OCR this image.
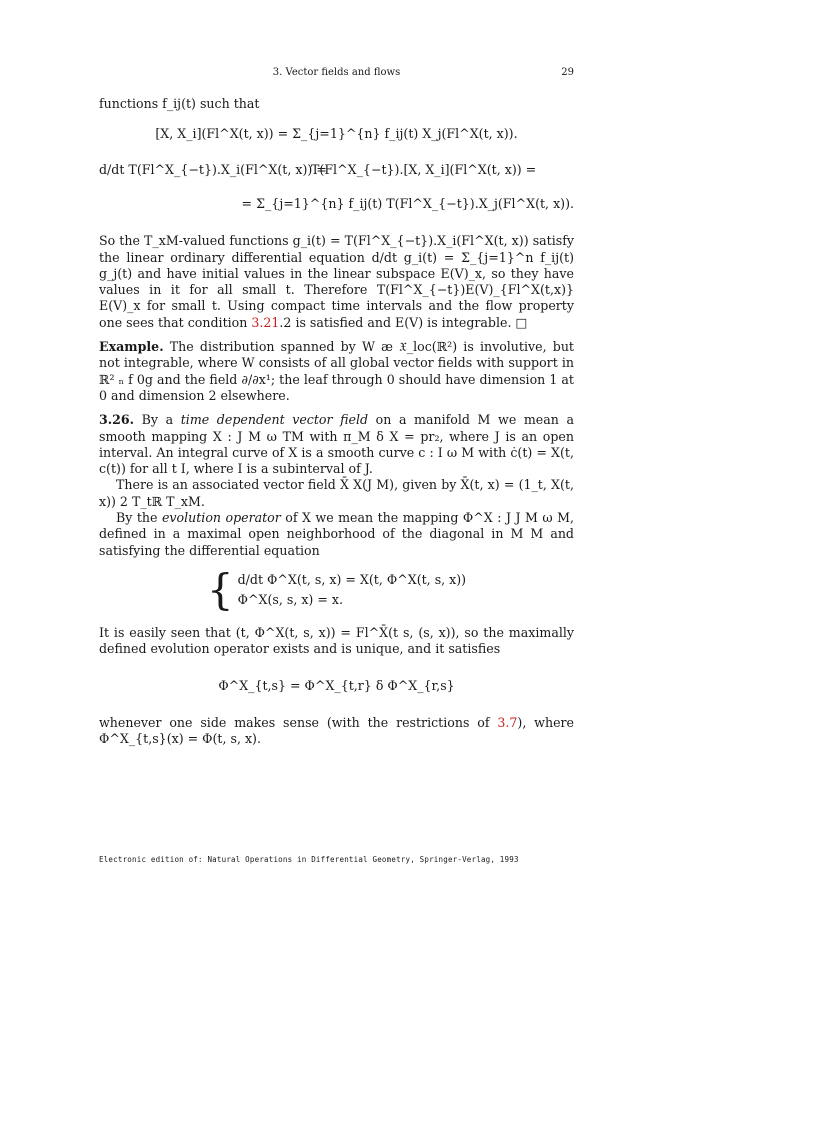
3. Vector fields and flows	29

functions f_ij(t) such that

[X, X_i](Fl^X(t, x)) = Σ_{j=1}^{n} f_ij(t) X_j(Fl^X(t, x)).
d/dt T(Fl^X_{−t}).X_i(Fl^X(t, x)) =
T(Fl^X_{−t}).[X, X_i](Fl^X(t, x)) =
= Σ_{j=1}^{n} f_ij(t) T(Fl^X_{−t}).X_j(Fl^X(t, x)).

So the T_xM-valued functions g_i(t) = T(Fl^X_{−t}).X_i(Fl^X(t, x)) satisfy the linear ordinary differential equation d/dt g_i(t) = Σ_{j=1}^n f_ij(t) g_j(t) and have initial values in the linear subspace E(V)_x, so they have values in it for all small t. Therefore T(Fl^X_{−t})E(V)_{Fl^X(t,x)} E(V)_x for small t. Using compact time intervals and the flow property one sees that condition 3.21.2 is satisfied and E(V) is integrable. □

Example. The distribution spanned by W æ 𝔛_loc(ℝ²) is involutive, but not integrable, where W consists of all global vector fields with support in ℝ² ₙ f 0g and the field ∂/∂x¹; the leaf through 0 should have dimension 1 at 0 and dimension 2 elsewhere.

3.26. By a time dependent vector field on a manifold M we mean a smooth mapping X : J M ω TM with π_M δ X = pr₂, where J is an open interval. An integral curve of X is a smooth curve c : I ω M with ċ(t) = X(t, c(t)) for all t I, where I is a subinterval of J.

There is an associated vector field X̄ X(J M), given by X̄(t, x) = (1_t, X(t, x)) 2 T_tℝ T_xM.

By the evolution operator of X we mean the mapping Φ^X : J J M ω M, defined in a maximal open neighborhood of the diagonal in M M and satisfying the differential equation

{ d/dt Φ^X(t, s, x) = X(t, Φ^X(t, s, x))
Φ^X(s, s, x) = x.

It is easily seen that (t, Φ^X(t, s, x)) = Fl^X̄(t s, (s, x)), so the maximally defined evolution operator exists and is unique, and it satisfies

Φ^X_{t,s} = Φ^X_{t,r} δ Φ^X_{r,s}

whenever one side makes sense (with the restrictions of 3.7), where Φ^X_{t,s}(x) = Φ(t, s, x).

Electronic edition of: Natural Operations in Differential Geometry, Springer-Verlag, 1993
